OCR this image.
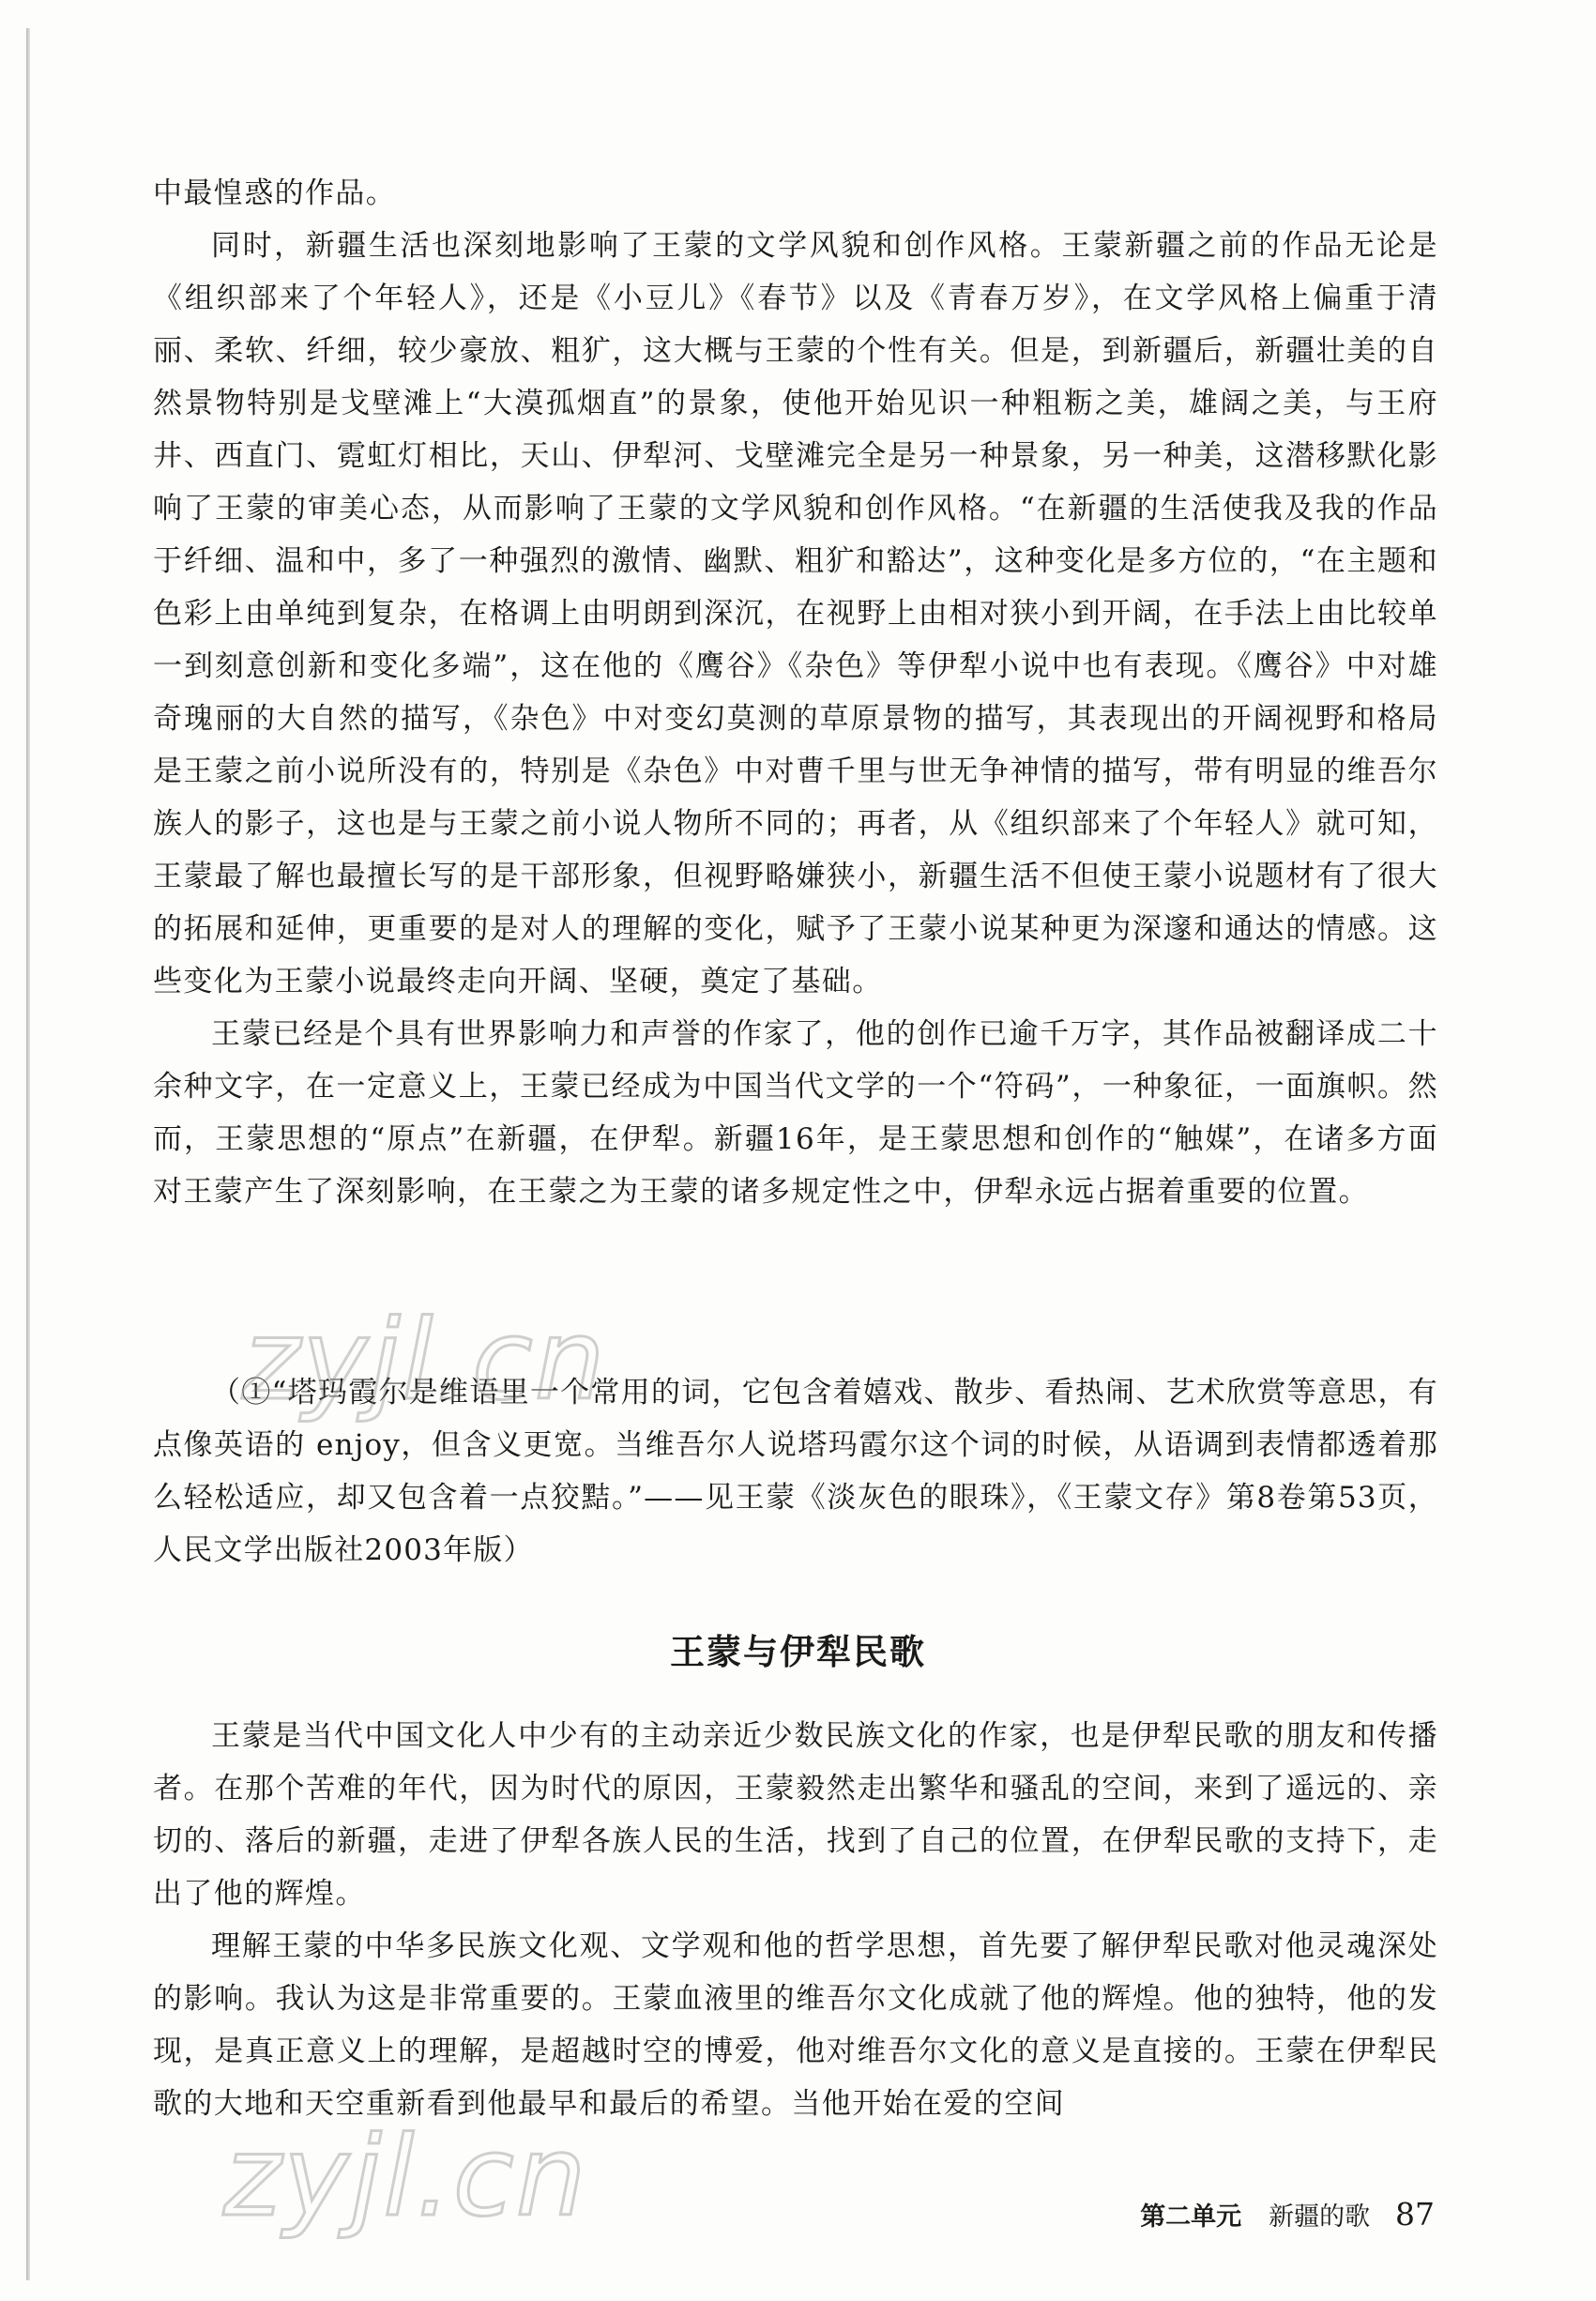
中最惶惑的作品。

同时，新疆生活也深刻地影响了王蒙的文学风貌和创作风格。王蒙新疆之前的作品无论是《组织部来了个年轻人》，还是《小豆儿》《春节》以及《青春万岁》，在文学风格上偏重于清丽、柔软、纤细，较少豪放、粗犷，这大概与王蒙的个性有关。但是，到新疆后，新疆壮美的自然景物特别是戈壁滩上“大漠孤烟直”的景象，使他开始见识一种粗粝之美，雄阔之美，与王府井、西直门、霓虹灯相比，天山、伊犁河、戈壁滩完全是另一种景象，另一种美，这潜移默化影响了王蒙的审美心态，从而影响了王蒙的文学风貌和创作风格。“在新疆的生活使我及我的作品于纤细、温和中，多了一种强烈的激情、幽默、粗犷和豁达”，这种变化是多方位的，“在主题和色彩上由单纯到复杂，在格调上由明朗到深沉，在视野上由相对狭小到开阔，在手法上由比较单一到刻意创新和变化多端”，这在他的《鹰谷》《杂色》等伊犁小说中也有表现。《鹰谷》中对雄奇瑰丽的大自然的描写，《杂色》中对变幻莫测的草原景物的描写，其表现出的开阔视野和格局是王蒙之前小说所没有的，特别是《杂色》中对曹千里与世无争神情的描写，带有明显的维吾尔族人的影子，这也是与王蒙之前小说人物所不同的；再者，从《组织部来了个年轻人》就可知，王蒙最了解也最擅长写的是干部形象，但视野略嫌狭小，新疆生活不但使王蒙小说题材有了很大的拓展和延伸，更重要的是对人的理解的变化，赋予了王蒙小说某种更为深邃和通达的情感。这些变化为王蒙小说最终走向开阔、坚硬，奠定了基础。

王蒙已经是个具有世界影响力和声誉的作家了，他的创作已逾千万字，其作品被翻译成二十余种文字，在一定意义上，王蒙已经成为中国当代文学的一个“符码”，一种象征，一面旗帜。然而，王蒙思想的“原点”在新疆，在伊犁。新疆16年，是王蒙思想和创作的“触媒”，在诸多方面对王蒙产生了深刻影响，在王蒙之为王蒙的诸多规定性之中，伊犁永远占据着重要的位置。

（①“塔玛霞尔是维语里一个常用的词，它包含着嬉戏、散步、看热闹、艺术欣赏等意思，有点像英语的 enjoy，但含义更宽。当维吾尔人说塔玛霞尔这个词的时候，从语调到表情都透着那么轻松适应，却又包含着一点狡黠。”——见王蒙《淡灰色的眼珠》，《王蒙文存》第8卷第53页，人民文学出版社2003年版）

王蒙与伊犁民歌

王蒙是当代中国文化人中少有的主动亲近少数民族文化的作家，也是伊犁民歌的朋友和传播者。在那个苦难的年代，因为时代的原因，王蒙毅然走出繁华和骚乱的空间，来到了遥远的、亲切的、落后的新疆，走进了伊犁各族人民的生活，找到了自己的位置，在伊犁民歌的支持下，走出了他的辉煌。

理解王蒙的中华多民族文化观、文学观和他的哲学思想，首先要了解伊犁民歌对他灵魂深处的影响。我认为这是非常重要的。王蒙血液里的维吾尔文化成就了他的辉煌。他的独特，他的发现，是真正意义上的理解，是超越时空的博爱，他对维吾尔文化的意义是直接的。王蒙在伊犁民歌的大地和天空重新看到他最早和最后的希望。当他开始在爱的空间

第二单元 新疆的歌 87
zyjl.cn
zyjl.cn
